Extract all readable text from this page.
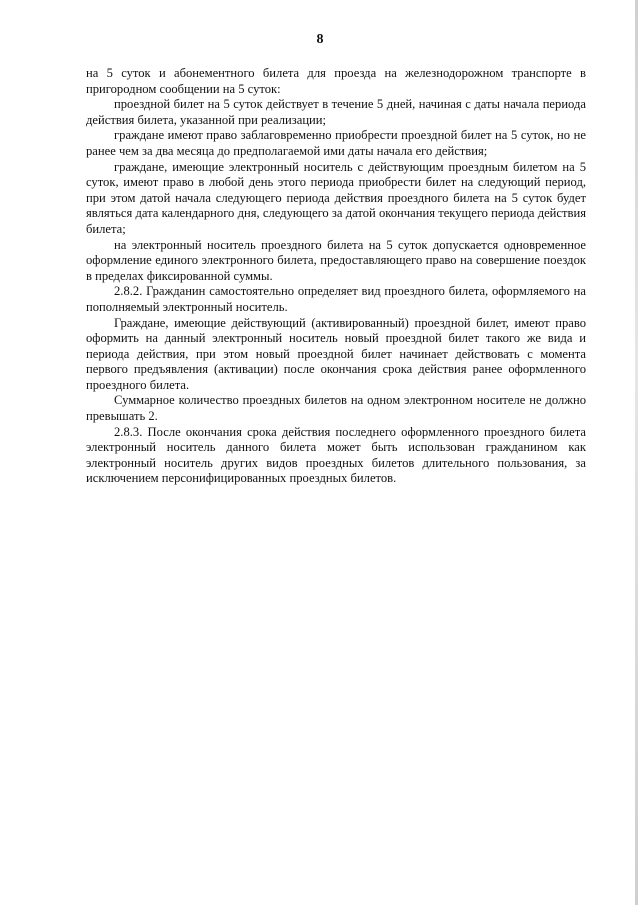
8

на 5 суток и абонементного билета для проезда на железнодорожном транспорте в пригородном сообщении на 5 суток:

проездной билет на 5 суток действует в течение 5 дней, начиная с даты начала периода действия билета, указанной при реализации;

граждане имеют право заблаговременно приобрести проездной билет на 5 суток, но не ранее чем за два месяца до предполагаемой ими даты начала его действия;

граждане, имеющие электронный носитель с действующим проездным билетом на 5 суток, имеют право в любой день этого периода приобрести билет на следующий период, при этом датой начала следующего периода действия проездного билета на 5 суток будет являться дата календарного дня, следующего за датой окончания текущего периода действия билета;

на электронный носитель проездного билета на 5 суток допускается одновременное оформление единого электронного билета, предоставляющего право на совершение поездок в пределах фиксированной суммы.

2.8.2. Гражданин самостоятельно определяет вид проездного билета, оформляемого на пополняемый электронный носитель.

Граждане, имеющие действующий (активированный) проездной билет, имеют право оформить на данный электронный носитель новый проездной билет такого же вида и периода действия, при этом новый проездной билет начинает действовать с момента первого предъявления (активации) после окончания срока действия ранее оформленного проездного билета.

Суммарное количество проездных билетов на одном электронном носителе не должно превышать 2.

2.8.3. После окончания срока действия последнего оформленного проездного билета электронный носитель данного билета может быть использован гражданином как электронный носитель других видов проездных билетов длительного пользования, за исключением персонифицированных проездных билетов.
